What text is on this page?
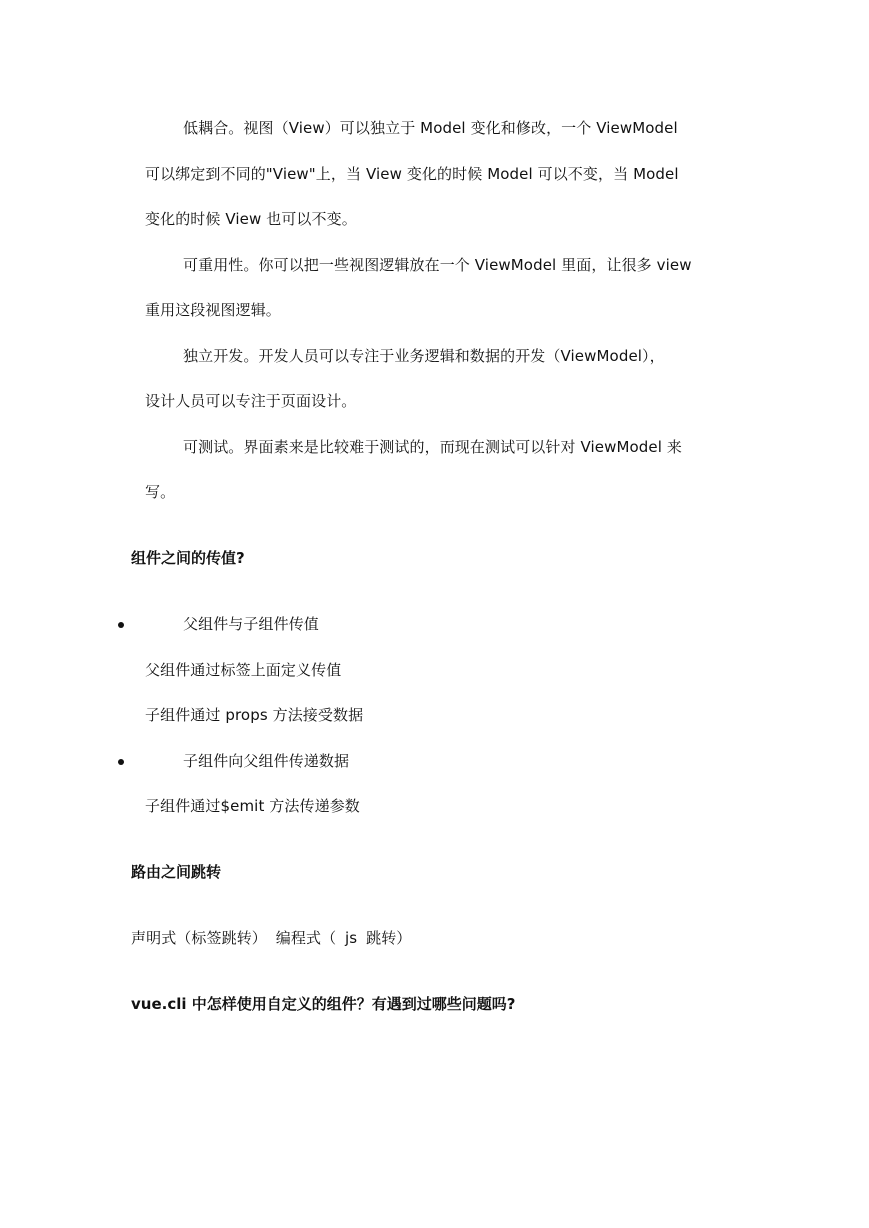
低耦合。视图（View）可以独立于 Model 变化和修改，一个 ViewModel
可以绑定到不同的"View"上，当 View 变化的时候 Model 可以不变，当 Model
变化的时候 View 也可以不变。
可重用性。你可以把一些视图逻辑放在一个 ViewModel 里面，让很多 view
重用这段视图逻辑。
独立开发。开发人员可以专注于业务逻辑和数据的开发（ViewModel），
设计人员可以专注于页面设计。
可测试。界面素来是比较难于测试的，而现在测试可以针对 ViewModel 来
写。
组件之间的传值?
父组件与子组件传值
父组件通过标签上面定义传值
子组件通过 props 方法接受数据
子组件向父组件传递数据
子组件通过$emit 方法传递参数
路由之间跳转
声明式（标签跳转） 编程式（ js 跳转）
vue.cli 中怎样使用自定义的组件？有遇到过哪些问题吗?
